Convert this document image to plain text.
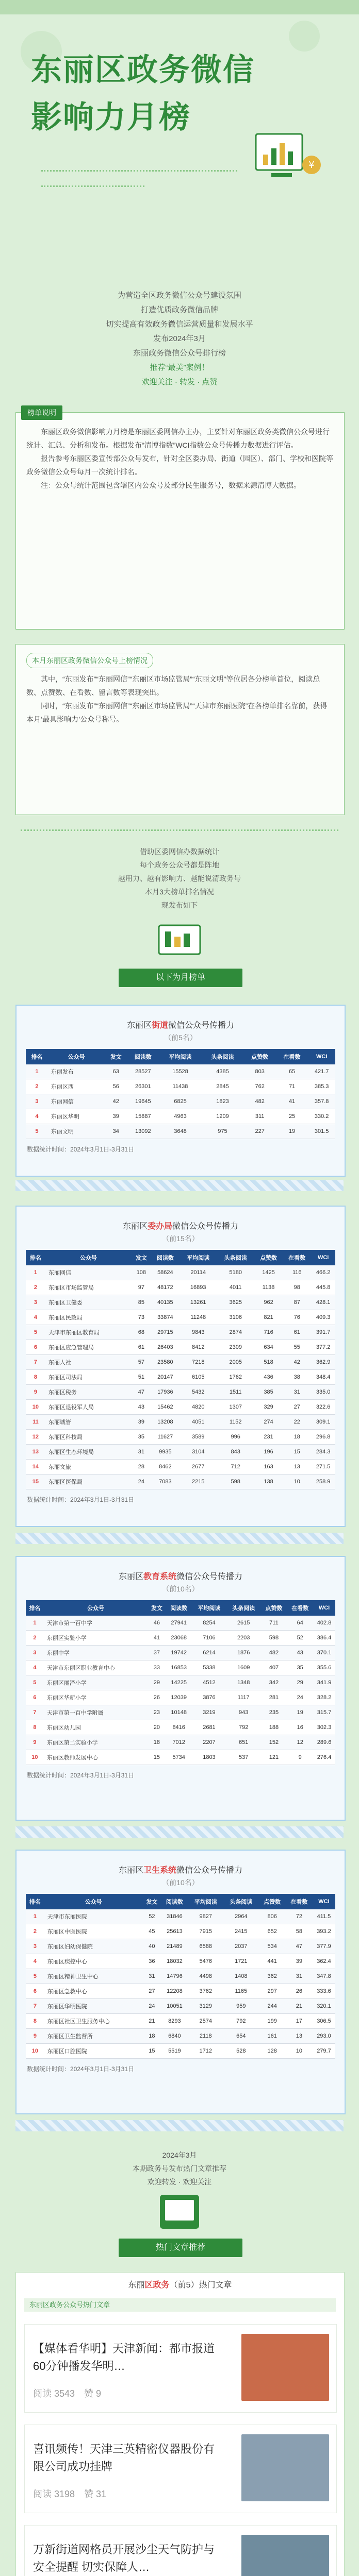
东丽区政务微信
影响力月榜
¥
为营造全区政务微信公众号建设氛围
打造优质政务微信品牌
切实提高有效政务微信运营质量和发展水平
发布2024年3月
东丽政务微信公众号排行榜
推荐“最美”案例！
欢迎关注 · 转发 · 点赞
榜单说明

东丽区政务微信影响力月榜是东丽区委网信办主办，主要针对东丽区政务类微信公众号进行统计、汇总、分析和发布。根据发布“清博指数”WCI指数公众号传播力数据进行评估。

报告参考东丽区委宣传部公众号发布，针对全区委办局、街道（园区）、部门、学校和医院等政务微信公众号每月一次统计排名。

注：公众号统计范围包含辖区内公众号及部分民生服务号，数据来源清博大数据。

本月东丽区政务微信公众号上榜情况

其中，“东丽发布”“东丽网信”“东丽区市场监管局”“东丽文明”等位居各分榜单首位，阅读总数、点赞数、在看数、留言数等表现突出。

同时，“东丽发布”“东丽网信”“东丽区市场监管局”“天津市东丽医院”在各榜单排名靠前，获得本月‘最具影响力’公众号称号。

借助区委网信办数据统计
每个政务公众号都是阵地
越用力、越有影响力、越能说清政务号
本月3大榜单排名情况
现发布如下
以下为月榜单
东丽区街道微信公众号传播力
（前5名）
排名	公众号	发文	阅读数	平均阅读	头条阅读	点赞数	在看数	WCI
1	东丽发布	63	28527	15528	4385	803	65	421.7
2	东丽区西	56	26301	11438	2845	762	71	385.3
3	东丽网信	42	19645	6825	1823	482	41	357.8
4	东丽区华明	39	15887	4963	1209	311	25	330.2
5	东丽文明	34	13092	3648	975	227	19	301.5
数据统计时间：2024年3月1日-3月31日
东丽区委办局微信公众号传播力
（前15名）
排名	公众号	发文	阅读数	平均阅读	头条阅读	点赞数	在看数	WCI
1	东丽网信	108	58624	20114	5180	1425	116	466.2
2	东丽区市场监管局	97	48172	16893	4011	1138	98	445.8
3	东丽区卫健委	85	40135	13261	3625	962	87	428.1
4	东丽区民政局	73	33874	11248	3106	821	76	409.3
5	天津市东丽区教育局	68	29715	9843	2874	716	61	391.7
6	东丽区应急管理局	61	26403	8412	2309	634	55	377.2
7	东丽人社	57	23580	7218	2005	518	42	362.9
8	东丽区司法局	51	20147	6105	1762	436	38	348.4
9	东丽区税务	47	17936	5432	1511	385	31	335.0
10	东丽区退役军人局	43	15462	4820	1307	329	27	322.6
11	东丽城管	39	13208	4051	1152	274	22	309.1
12	东丽区科技局	35	11627	3589	996	231	18	296.8
13	东丽区生态环境局	31	9935	3104	843	196	15	284.3
14	东丽文旅	28	8462	2677	712	163	13	271.5
15	东丽区医保局	24	7083	2215	598	138	10	258.9
数据统计时间：2024年3月1日-3月31日
东丽区教育系统微信公众号传播力
（前10名）
排名	公众号	发文	阅读数	平均阅读	头条阅读	点赞数	在看数	WCI
1	天津市第一百中学	46	27941	8254	2615	711	64	402.8
2	东丽区实验小学	41	23068	7106	2203	598	52	386.4
3	东丽中学	37	19742	6214	1876	482	43	370.1
4	天津市东丽区职业教育中心	33	16853	5338	1609	407	35	355.6
5	东丽区丽泽小学	29	14225	4512	1348	342	29	341.9
6	东丽区华新小学	26	12039	3876	1117	281	24	328.2
7	天津市第一百中学附属	23	10148	3219	943	235	19	315.7
8	东丽区幼儿园	20	8416	2681	792	188	16	302.3
9	东丽区第二实验小学	18	7012	2207	651	152	12	289.6
10	东丽区教师发展中心	15	5734	1803	537	121	9	276.4
数据统计时间：2024年3月1日-3月31日
东丽区卫生系统微信公众号传播力
（前10名）
排名	公众号	发文	阅读数	平均阅读	头条阅读	点赞数	在看数	WCI
1	天津市东丽医院	52	31846	9827	2964	806	72	411.5
2	东丽区中医医院	45	25613	7915	2415	652	58	393.2
3	东丽区妇幼保健院	40	21489	6588	2037	534	47	377.9
4	东丽区疾控中心	36	18032	5476	1721	441	39	362.4
5	东丽区精神卫生中心	31	14796	4498	1408	362	31	347.8
6	东丽区急救中心	27	12208	3762	1165	297	26	333.6
7	东丽区华明医院	24	10051	3129	959	244	21	320.1
8	东丽区社区卫生服务中心	21	8293	2574	792	199	17	306.5
9	东丽区卫生监督所	18	6840	2118	654	161	13	293.0
10	东丽区口腔医院	15	5519	1712	528	128	10	279.7
数据统计时间：2024年3月1日-3月31日
2024年3月
本期政务号发布热门文章推荐
欢迎转发 · 欢迎关注
热门文章推荐
东丽区政务（前5）热门文章
东丽区政务公众号热门文章
【媒体看华明】天津新闻：都市报道60分钟播发华明…
阅读 3543 赞 9
喜讯频传！天津三英精密仪器股份有限公司成功挂牌
阅读 3198 赞 31
万新街道网格员开展沙尘天气防护与安全提醒 切实保障人…
